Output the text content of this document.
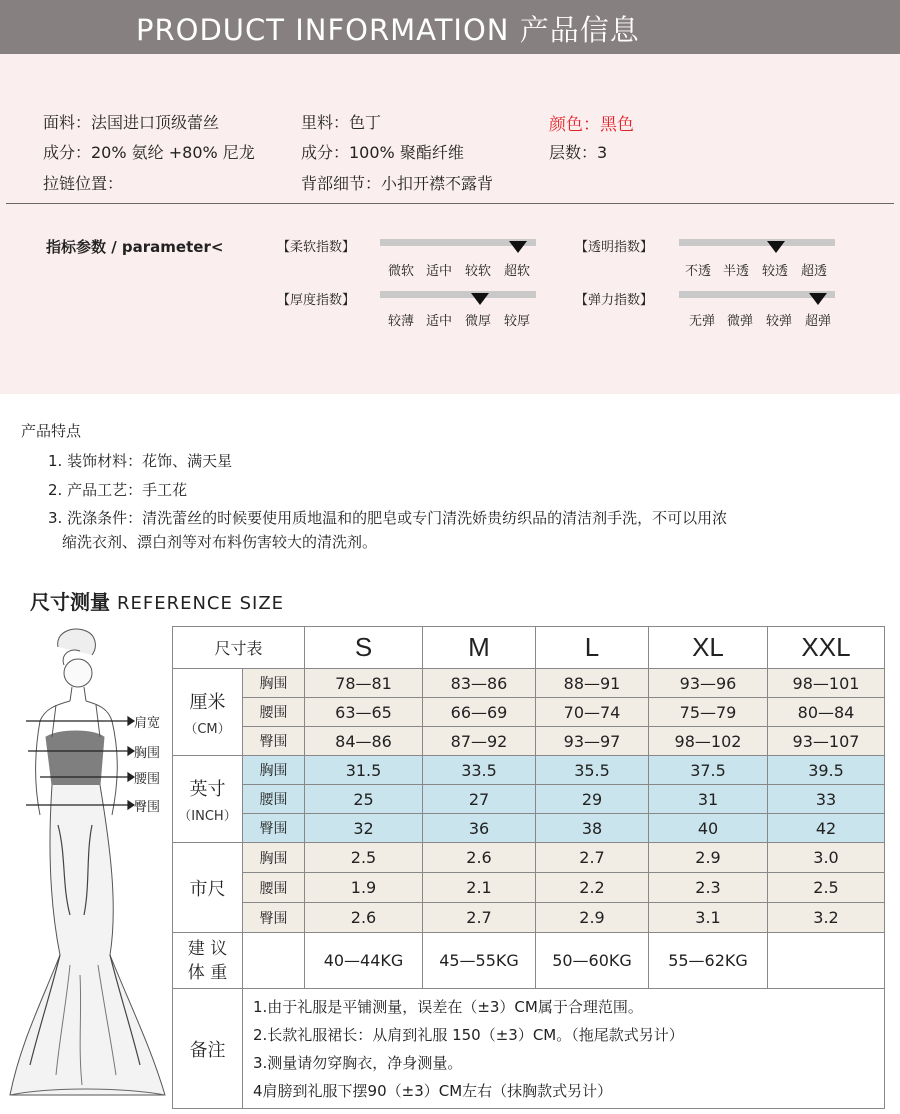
PRODUCT INFORMATION 产品信息
面料：法国进口顶级蕾丝
成分：20% 氨纶 +80% 尼龙
拉链位置：
里料：色丁
成分：100% 聚酯纤维
背部细节：小扣开襟不露背
颜色：黑色
层数：3
指标参数 / parameter<	【柔软指数】
微软 适中 较软 超软
【透明指数】
不透 半透 较透 超透
【厚度指数】
较薄 适中 微厚 较厚
【弹力指数】
无弹 微弹 较弹 超弹
产品特点
1. 装饰材料：花饰、满天星
2. 产品工艺：手工花
3. 洗涤条件：清洗蕾丝的时候要使用质地温和的肥皂或专门清洗娇贵纺织品的清洁剂手洗，不可以用浓
缩洗衣剂、漂白剂等对布料伤害较大的清洗剂。
尺寸测量 REFERENCE SIZE
肩宽
胸围
腰围
臀围
尺寸表		S	M	L	XL	XXL
厘米
（CM）	胸围	78—81	83—86	88—91	93—96	98—101
	腰围	63—65	66—69	70—74	75—79	80—84
	臀围	84—86	87—92	93—97	98—102	93—107
英寸
（INCH）	胸围	31.5	33.5	35.5	37.5	39.5
	腰围	25	27	29	31	33
	臀围	32	36	38	40	42
市尺	胸围	2.5	2.6	2.7	2.9	3.0
	腰围	1.9	2.1	2.2	2.3	2.5
	臀围	2.6	2.7	2.9	3.1	3.2

建 议
体 重		40—44KG	45—55KG	50—60KG	55—62KG	
备注	1.由于礼服是平铺测量，误差在（±3）CM属于合理范围。
2.长款礼服裙长：从肩到礼服 150（±3）CM。（拖尾款式另计）
3.测量请勿穿胸衣，净身测量。
4肩膀到礼服下摆90（±3）CM左右（抹胸款式另计）					
